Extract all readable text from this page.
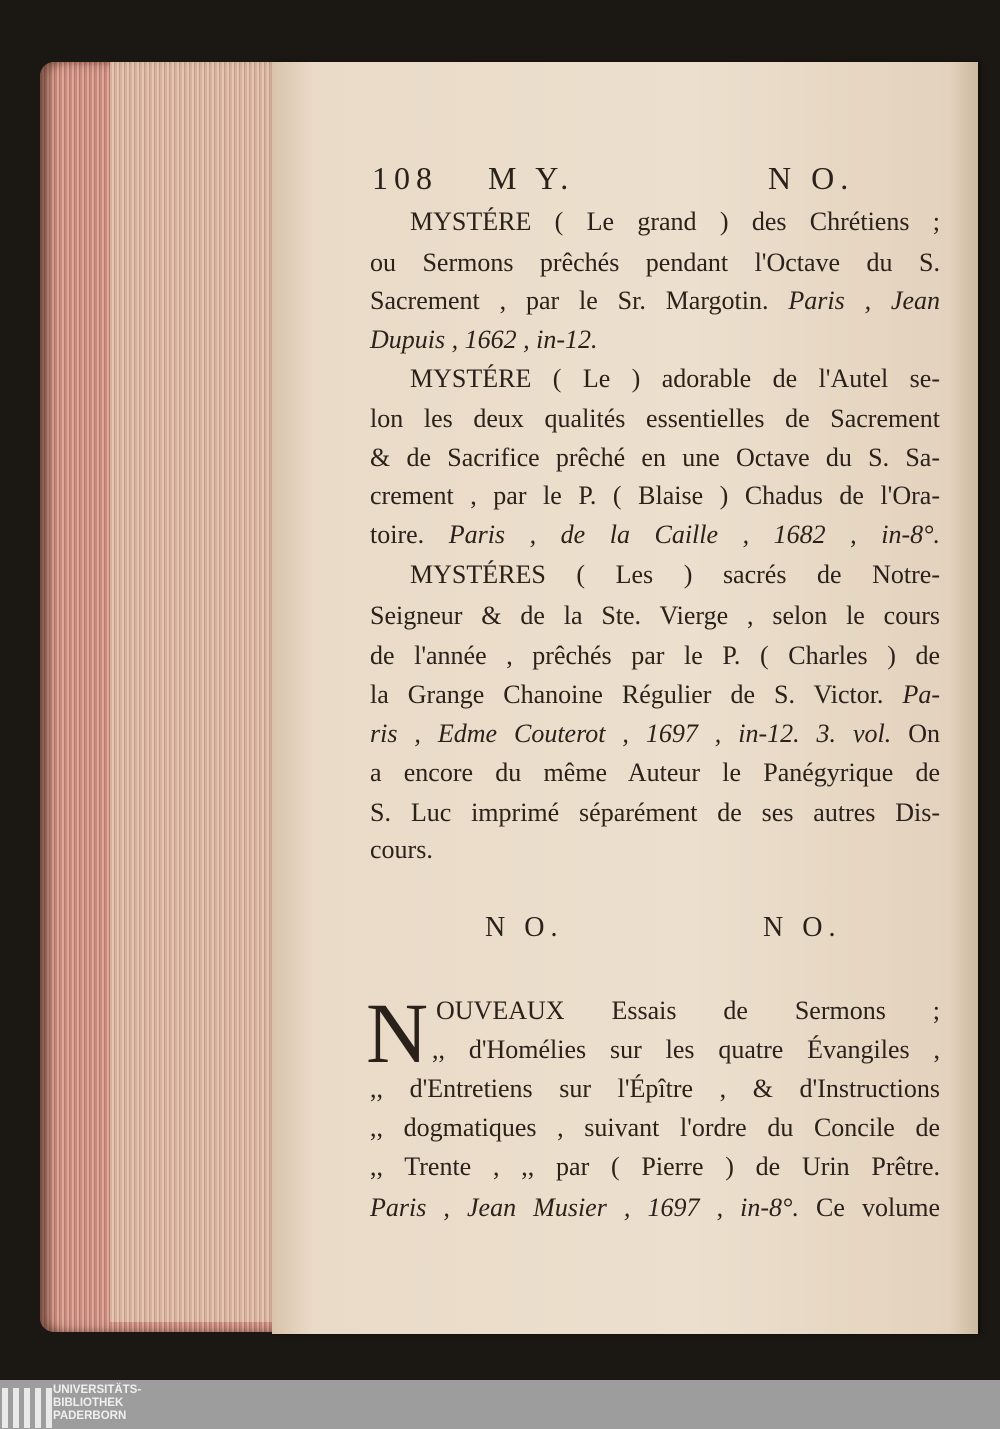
108 M Y.	N O.
MYSTÉRE ( Le grand ) des Chrétiens ;
ou Sermons prêchés pendant l'Octave du S.
Sacrement , par le Sr. Margotin. Paris , Jean
Dupuis , 1662 , in-12.
MYSTÉRE ( Le ) adorable de l'Autel se-
lon les deux qualités essentielles de Sacrement
& de Sacrifice prêché en une Octave du S. Sa-
crement , par le P. ( Blaise ) Chadus de l'Ora-
toire. Paris , de la Caille , 1682 , in-8°.
MYSTÉRES ( Les ) sacrés de Notre-
Seigneur & de la Ste. Vierge , selon le cours
de l'année , prêchés par le P. ( Charles ) de
la Grange Chanoine Régulier de S. Victor. Pa-
ris , Edme Couterot , 1697 , in-12. 3. vol. On
a encore du même Auteur le Panégyrique de
S. Luc imprimé séparément de ses autres Dis-
cours.
N O.	N O.
N OUVEAUX Essais de Sermons ;
,, d'Homélies sur les quatre Évangiles ,
,, d'Entretiens sur l'Épître , & d'Instructions
,, dogmatiques , suivant l'ordre du Concile de
,, Trente , ,, par ( Pierre ) de Urin Prêtre.
Paris , Jean Musier , 1697 , in-8°. Ce volume
UNIVERSITÄTS-
BIBLIOTHEK
PADERBORN
